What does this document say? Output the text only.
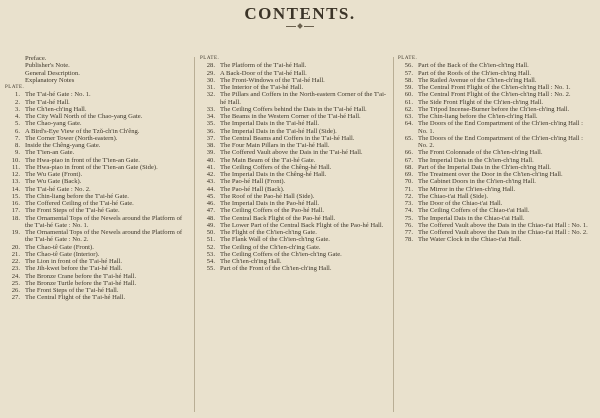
CONTENTS.
Preface.
Publisher's Note.
General Description.
Explanatory Notes
PLATE.
1. The T'ai-hé Gate : No. 1.
2. The T'ai-hé Hall.
3. The Ch'ien-ch'ing Hall.
4. The City Wall North of the Chao-yang Gate.
5. The Chao-yang Gate.
6. A Bird's-Eye View of the Tzŭ-ch'in Ch'êng.
7. The Corner Tower (North-eastern).
8. Inside the Chêng-yang Gate.
9. The T'ien-an Gate.
10. The Hwa-piao in front of the T'ien-an Gate.
11. The Hwa-piao in front of the T'ien-an Gate (Side).
12. The Wu Gate (Front).
13. The Wu Gate (Back).
14. The T'ai-hé Gate : No. 2.
15. The Chin-liang before the T'ai-hé Gate.
16. The Coffered Ceiling of the T'ai-hé Gate.
17. The Front Steps of the T'ai-hé Gate.
18. The Ornamental Tops of the Newels around the Platform of the T'ai-hé Gate : No. 1.
19. The Ornamental Tops of the Newels around the Platform of the T'ai-hé Gate : No. 2.
20. The Chao-tê Gate (Front).
21. The Chao-tê Gate (Interior).
22. The Lion in front of the T'ai-hé Hall.
23. The Jih-kwei before the T'ai-hé Hall.
24. The Bronze Crane before the T'ai-hé Hall.
25. The Bronze Turtle before the T'ai-hé Hall.
26. The Front Steps of the T'ai-hé Hall.
27. The Central Flight of the T'ai-hé Hall.
PLATE.
28. The Platform of the T'ai-hé Hall.
29. A Back-Door of the T'ai-hé Hall.
30. The Front-Windows of the T'ai-hé Hall.
31. The Interior of the T'ai-hé Hall.
32. The Pillars and Coffers in the North-eastern Corner of the T'ai-hé Hall.
33. The Ceiling Coffers behind the Dais in the T'ai-hé Hall.
34. The Beams in the Western Corner of the T'ai-hé Hall.
35. The Imperial Dais in the T'ai-hé Hall.
36. The Imperial Dais in the T'ai-hé Hall (Side).
37. The Central Beams and Coffers in the T'ai-hé Hall.
38. The Four Main Pillars in the T'ai-hé Hall.
39. The Coffered Vault above the Dais in the T'ai-hé Hall.
40. The Main Beam of the T'ai-hé Gate.
41. The Ceiling Coffers of the Chêng-hé Hall.
42. The Imperial Dais in the Chêng-hé Hall.
43. The Pao-hé Hall (Front).
44. The Pao-hé Hall (Back).
45. The Roof of the Pao-hé Hall (Side).
46. The Imperial Dais in the Pao-hé Hall.
47. The Ceiling Coffers of the Pao-hé Hall.
48. The Central Back Flight of the Pao-hé Hall.
49. The Lower Part of the Central Back Flight of the Pao-hé Hall.
50. The Flight of the Ch'ien-ch'ing Gate.
51. The Flank Wall of the Ch'ien-ch'ing Gate.
52. The Ceiling of the Ch'ien-ch'ing Gate.
53. The Ceiling Coffers of the Ch'ien-ch'ing Gate.
54. The Ch'ien-ch'ing Hall.
55. Part of the Front of the Ch'ien-ch'ing Hall.
PLATE.
56. Part of the Back of the Ch'ien-ch'ing Hall.
57. Part of the Roofs of the Ch'ien-ch'ing Hall.
58. The Railed Avenue of the Ch'ien-ch'ing Hall.
59. The Central Front Flight of the Ch'ien-ch'ing Hall : No. 1.
60. The Central Front Flight of the Ch'ien-ch'ing Hall : No. 2.
61. The Side Front Flight of the Ch'ien-ch'ing Hall.
62. The Tripod Incense-Burner before the Ch'ien-ch'ing Hall.
63. The Chin-liang before the Ch'ien-ch'ing Hall.
64. The Doors of the End Compartment of the Ch'ien-ch'ing Hall : No. 1.
65. The Doors of the End Compartment of the Ch'ien-ch'ing Hall : No. 2.
66. The Front Colonnade of the Ch'ien-ch'ing Hall.
67. The Imperial Dais in the Ch'ien-ch'ing Hall.
68. Part of the Imperial Dais in the Ch'ien-ch'ing Hall.
69. The Treatment over the Door in the Ch'ien-ch'ing Hall.
70. The Cabinet Doors in the Ch'ien-ch'ing Hall.
71. The Mirror in the Ch'ien-ch'ing Hall.
72. The Chiao-t'ai Hall (Side).
73. The Door of the Chiao-t'ai Hall.
74. The Ceiling Coffers of the Chiao-t'ai Hall.
75. The Imperial Dais in the Chiao-t'ai Hall.
76. The Coffered Vault above the Dais in the Chiao-t'ai Hall : No. 1.
77. The Coffered Vault above the Dais in the Chiao-t'ai Hall : No. 2.
78. The Water Clock in the Chiao-t'ai Hall.
